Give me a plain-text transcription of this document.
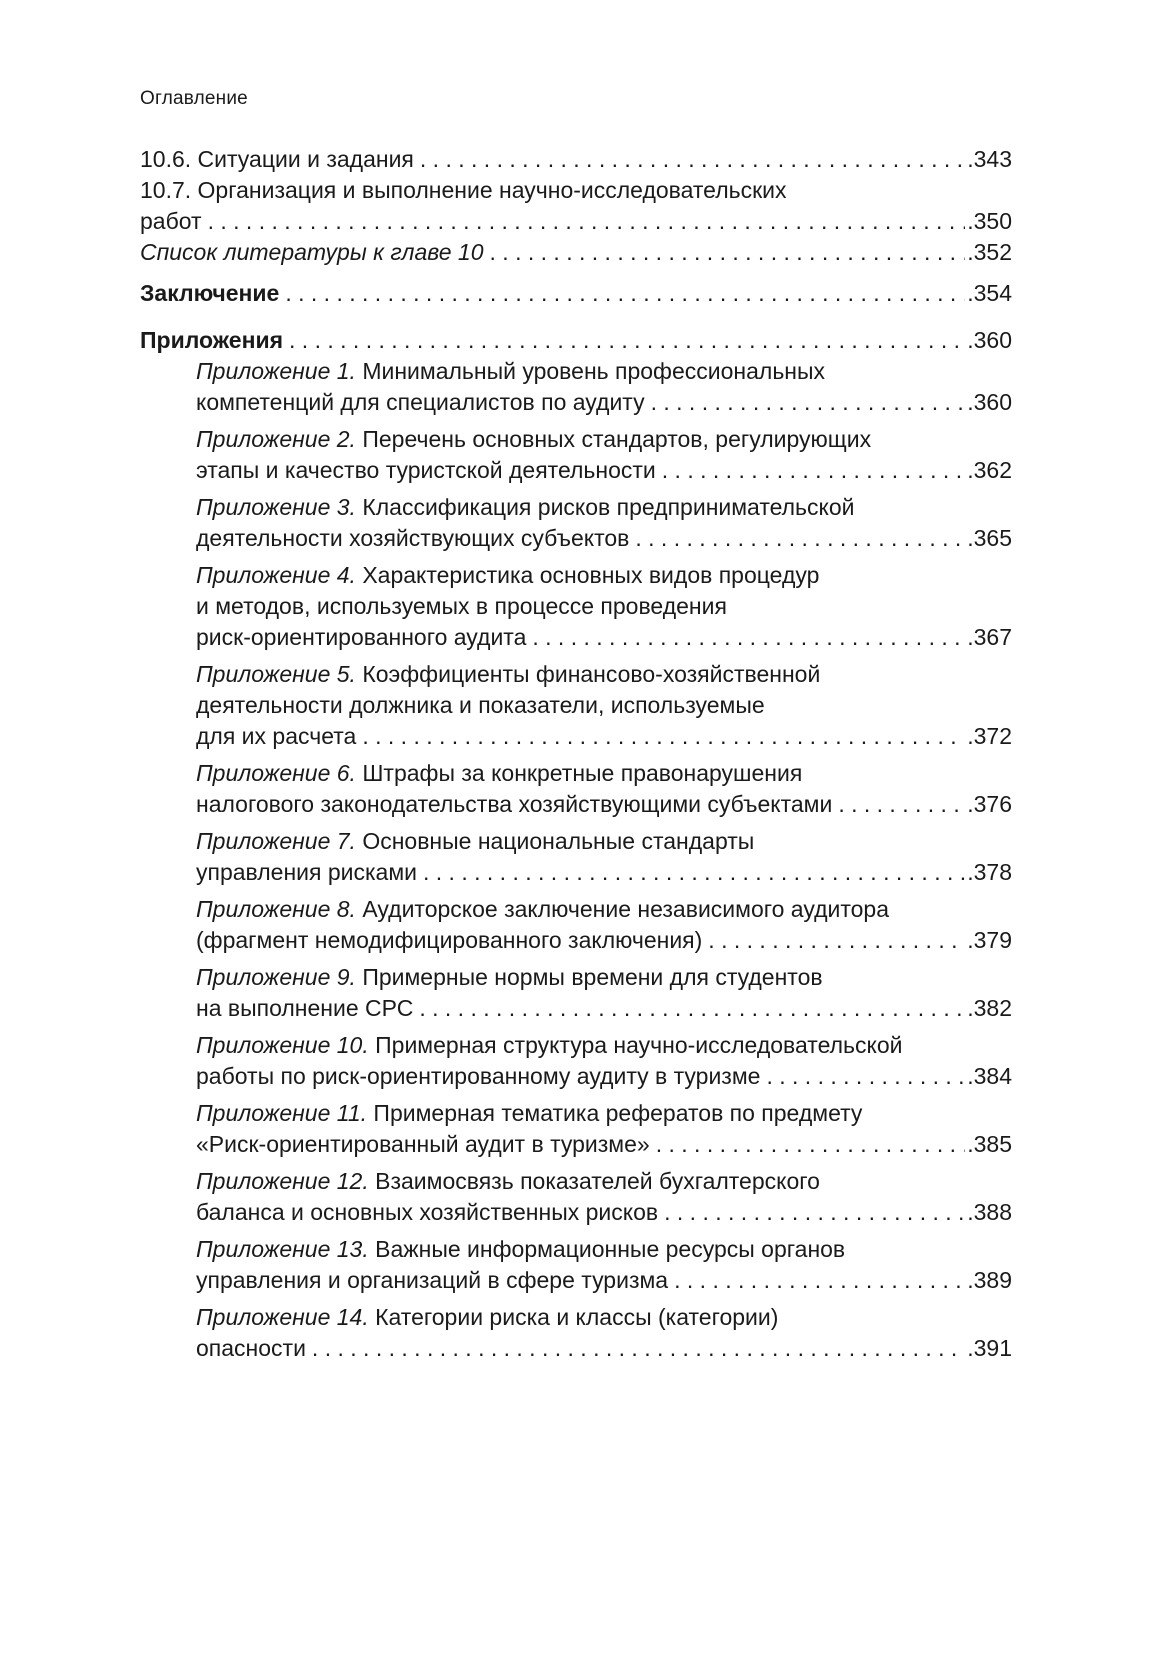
Оглавление
10.6. Ситуации и задания . . .	.343
10.7. Организация и выполнение научно-исследовательских
работ . . .	.350
Список литературы к главе 10 . . .	.352
Заключение . . .	.354
Приложения . . .	.360
Приложение 1. Минимальный уровень профессиональных
компетенций для специалистов по аудиту . . .	.360
Приложение 2. Перечень основных стандартов, регулирующих
этапы и качество туристской деятельности . . .	.362
Приложение 3. Классификация рисков предпринимательской
деятельности хозяйствующих субъектов . . .	.365
Приложение 4. Характеристика основных видов процедур
и методов, используемых в процессе проведения
риск-ориентированного аудита . . .	.367
Приложение 5. Коэффициенты финансово-хозяйственной
деятельности должника и показатели, используемые
для их расчета . . .	.372
Приложение 6. Штрафы за конкретные правонарушения
налогового законодательства хозяйствующими субъектами . . .	.376
Приложение 7. Основные национальные стандарты
управления рисками . . .	.378
Приложение 8. Аудиторское заключение независимого аудитора
(фрагмент немодифицированного заключения) . . .	.379
Приложение 9. Примерные нормы времени для студентов
на выполнение СРС . . .	.382
Приложение 10. Примерная структура научно-исследовательской
работы по риск-ориентированному аудиту в туризме . . .	.384
Приложение 11. Примерная тематика рефератов по предмету
«Риск-ориентированный аудит в туризме» . . .	.385
Приложение 12. Взаимосвязь показателей бухгалтерского
баланса и основных хозяйственных рисков . . .	.388
Приложение 13. Важные информационные ресурсы органов
управления и организаций в сфере туризма . . .	.389
Приложение 14. Категории риска и классы (категории)
опасности . . .	.391
